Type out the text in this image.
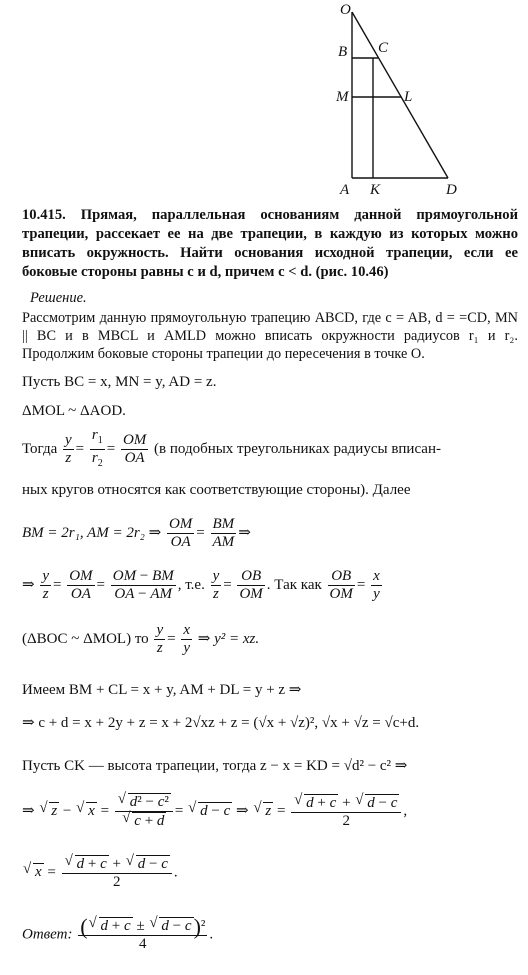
O
B C
M	L
A K	D
10.415. Прямая, параллельная основаниям данной прямоугольной трапеции, рассекает ее на две трапеции, в каждую из которых можно вписать окружность. Найти основания исходной трапеции, если ее боковые стороны равны c и d, причем c < d. (рис. 10.46)
Решение.
Рассмотрим данную прямоугольную трапецию ABCD, где c = AB, d = =CD, MN || BC и в MBCL и AMLD можно вписать окружности радиусов r₁ и r₂. Продолжим боковые стороны трапеции до пересечения в точке O.
Пусть BC = x, MN = y, AD = z.
ΔMOL ~ ΔAOD.
Тогда $\frac{y}{z} = \frac{r_1}{r_2} = \frac{OM}{OA} (в$ подобных треугольниках радиусы вписан-
ных кругов относятся как соответствующие стороны). Далее
BM = 2r₁, AM = 2r₂ ⇒ $\frac{OM}{OA} = \frac{BM}{AM}$ ⇒
⇒ $\frac{y}{z} = \frac{OM}{OA} = \frac{OM - BM}{OA - AM}$ , т.е. $\frac{y}{z} = \frac{OB}{OM}$ . Так как $\frac{OB}{OM} = \frac{x}{y}$
(ΔBOC ~ ΔMOL) то $\frac{y}{z} = \frac{x}{y}$ ⇒ y² = xz.
Имеем BM + CL = x + y, AM + DL = y + z ⇒
⇒ c + d = x + 2y + z = x + 2√xz + z = (√x + √z)², √x + √z = √c+d.
Пусть CK — высота трапеции, тогда z − x = KD = √d² − c² ⇒
⇒ √ z − √ x = √ d² − c²
√ c + d = √ d − c ⇒ √ z = √ $\frac{d + c + √ d - c}{2}$ ,
√ x = √ $\frac{d + c + √ d - c}{2}$ .
Ответ: $\frac{\text{( √ d + c ± √ d − c)²}}{4}$ .
